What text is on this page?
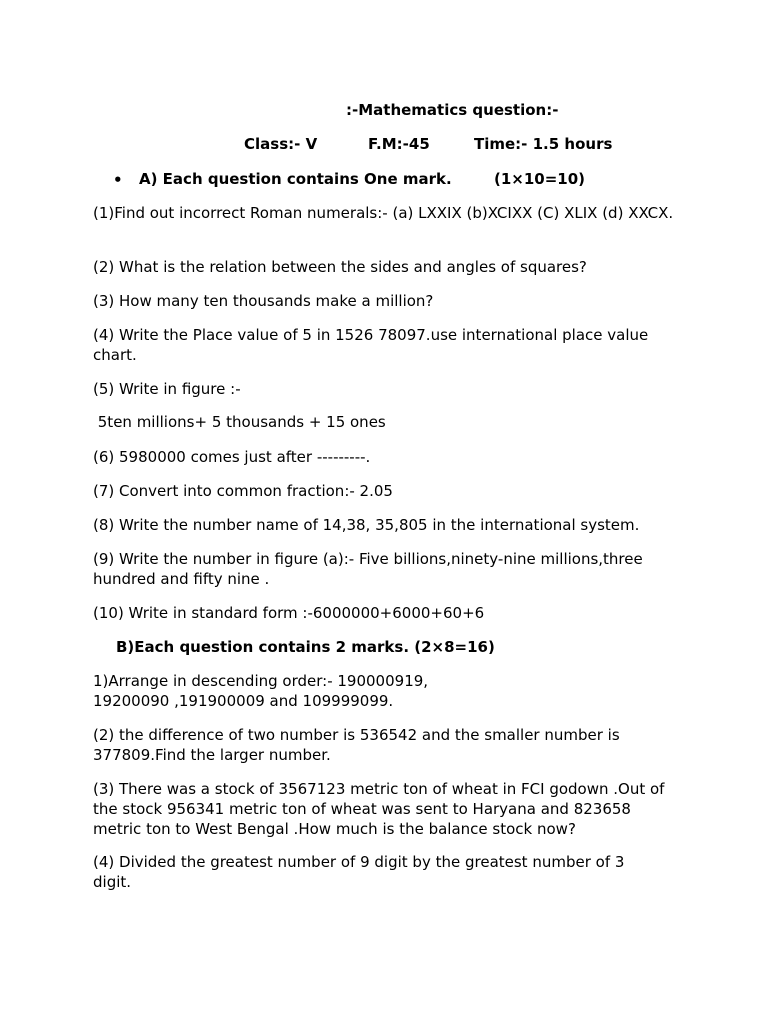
:-Mathematics question:-
Class:- V	F.M:-45	Time:- 1.5 hours
• A) Each question contains One mark.	(1×10=10)
(1)Find out incorrect Roman numerals:- (a) LXXIX (b)XCIXX (C) XLIX (d) XXCX.
(2) What is the relation between the sides and angles of squares?
(3) How many ten thousands make a million?
(4) Write the Place value of 5 in 1526 78097.use international place value chart.
(5) Write in figure :-
5ten millions+ 5 thousands + 15 ones
(6) 5980000 comes just after ---------.
(7) Convert into common fraction:- 2.05
(8) Write the number name of 14,38, 35,805 in the international system.
(9) Write the number in figure (a):- Five billions,ninety-nine millions,three hundred and fifty nine .
(10) Write in standard form :-6000000+6000+60+6
B)Each question contains 2 marks. (2×8=16)
1)Arrange in descending order:- 190000919, 19200090 ,191900009 and 109999099.
(2) the difference of two number is 536542 and the smaller number is 377809.Find the larger number.
(3) There was a stock of 3567123 metric ton of wheat in FCI godown .Out of the stock 956341 metric ton of wheat was sent to Haryana and 823658 metric ton to West Bengal .How much is the balance stock now?
(4) Divided the greatest number of 9 digit by the greatest number of 3 digit.
